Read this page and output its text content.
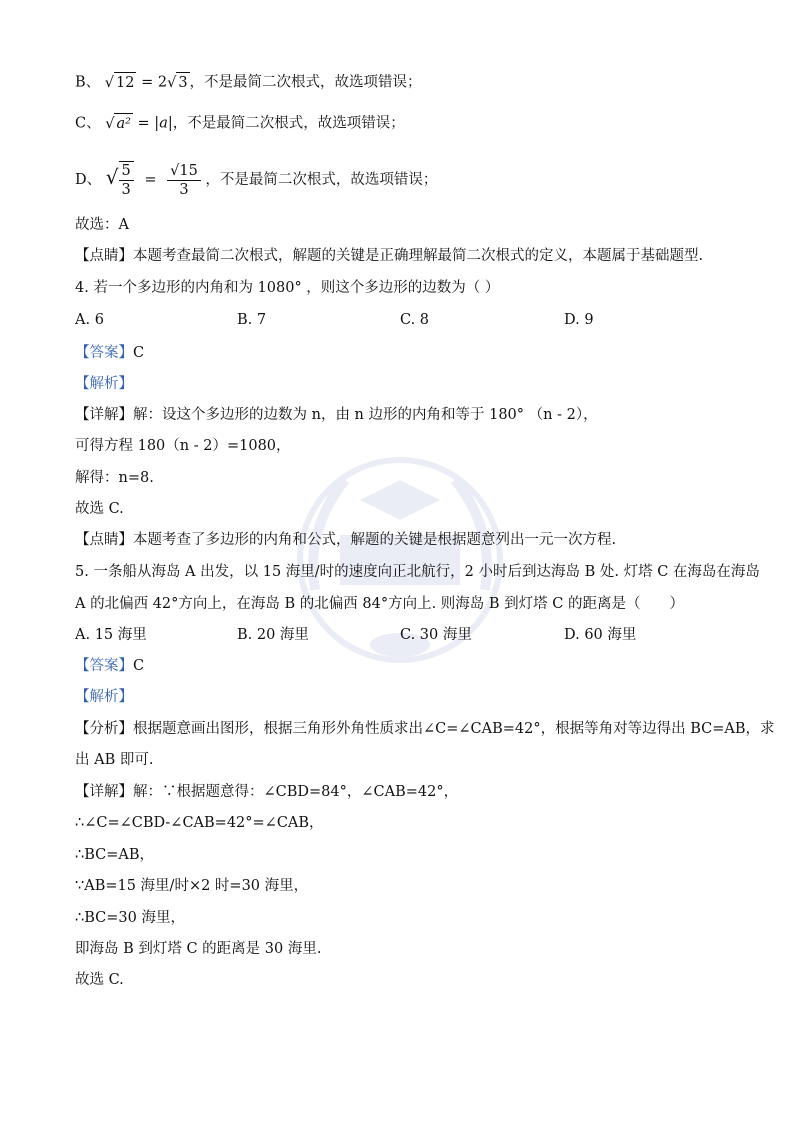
B、 √ 12 = 2√ 3 ，不是最简二次根式，故选项错误；
C、 √ a² = |a|，不是最简二次根式，故选项错误；
D、 √ $\frac{5}{3} = \frac{√15}{3}$ ，不是最简二次根式，故选项错误；
故选：A
【点睛】本题考查最简二次根式，解题的关键是正确理解最简二次根式的定义，本题属于基础题型.
4. 若一个多边形的内角和为 1080° ，则这个多边形的边数为（ ）
A. 6	B. 7	C. 8	D. 9
【答案】C
【解析】
【详解】解：设这个多边形的边数为 n，由 n 边形的内角和等于 180° （n - 2），
可得方程 180（n - 2）=1080，
解得：n=8.
故选 C.
【点睛】本题考查了多边形的内角和公式，解题的关键是根据题意列出一元一次方程.
5. 一条船从海岛 A 出发，以 15 海里/时的速度向正北航行，2 小时后到达海岛 B 处. 灯塔 C 在海岛在海岛
A 的北偏西 42°方向上，在海岛 B 的北偏西 84°方向上. 则海岛 B 到灯塔 C 的距离是（　　）
A. 15 海里	B. 20 海里	C. 30 海里	D. 60 海里
【答案】C
【解析】
【分析】根据题意画出图形，根据三角形外角性质求出∠C=∠CAB=42°，根据等角对等边得出 BC=AB，求
出 AB 即可.
【详解】解：∵根据题意得：∠CBD=84°，∠CAB=42°，
∴∠C=∠CBD-∠CAB=42°=∠CAB，
∴BC=AB，
∵AB=15 海里/时×2 时=30 海里，
∴BC=30 海里，
即海岛 B 到灯塔 C 的距离是 30 海里.
故选 C.
